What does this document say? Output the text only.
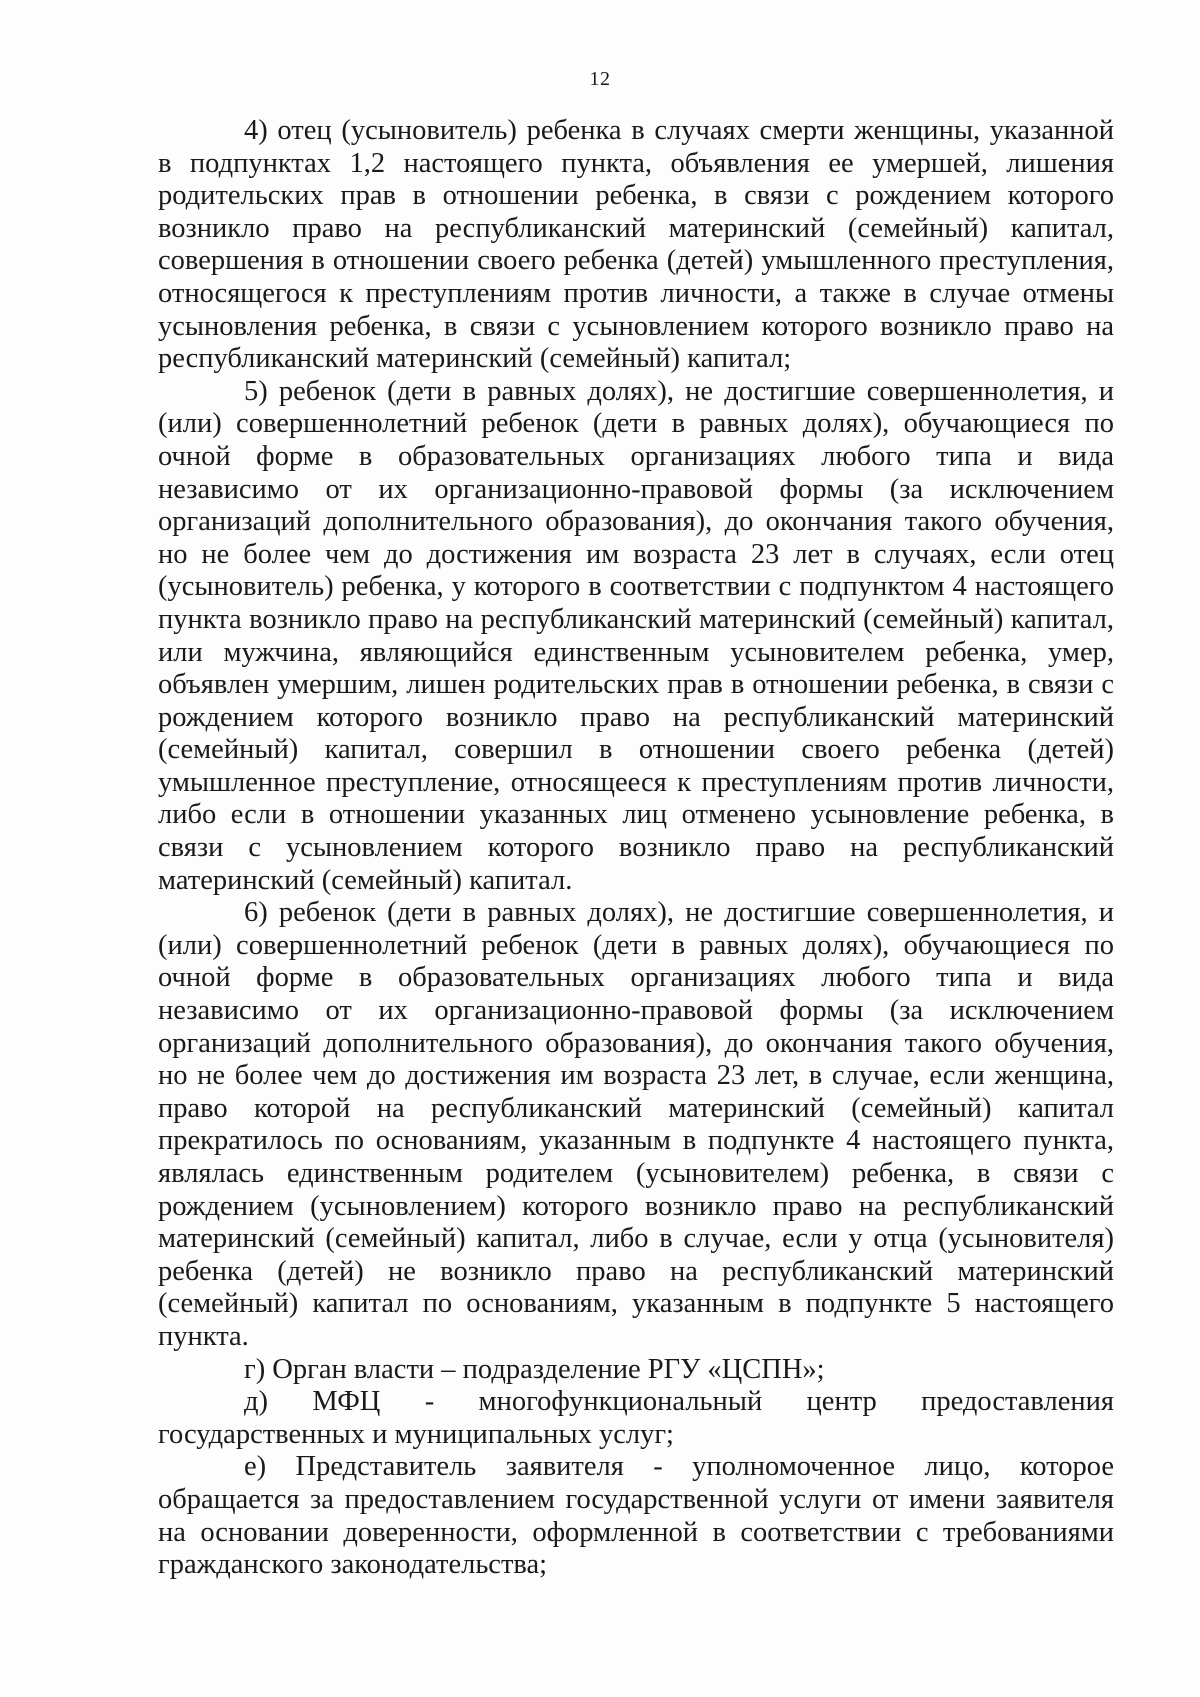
12

4) отец (усыновитель) ребенка в случаях смерти женщины, указанной в подпунктах 1,2 настоящего пункта, объявления ее умершей, лишения родительских прав в отношении ребенка, в связи с рождением которого возникло право на республиканский материнский (семейный) капитал, совершения в отношении своего ребенка (детей) умышленного преступления, относящегося к преступлениям против личности, а также в случае отмены усыновления ребенка, в связи с усыновлением которого возникло право на республиканский материнский (семейный) капитал;

5) ребенок (дети в равных долях), не достигшие совершеннолетия, и (или) совершеннолетний ребенок (дети в равных долях), обучающиеся по очной форме в образовательных организациях любого типа и вида независимо от их организационно-правовой формы (за исключением организаций дополнительного образования), до окончания такого обучения, но не более чем до достижения им возраста 23 лет в случаях, если отец (усыновитель) ребенка, у которого в соответствии с подпунктом 4 настоящего пункта возникло право на республиканский материнский (семейный) капитал, или мужчина, являющийся единственным усыновителем ребенка, умер, объявлен умершим, лишен родительских прав в отношении ребенка, в связи с рождением которого возникло право на республиканский материнский (семейный) капитал, совершил в отношении своего ребенка (детей) умышленное преступление, относящееся к преступлениям против личности, либо если в отношении указанных лиц отменено усыновление ребенка, в связи с усыновлением которого возникло право на республиканский материнский (семейный) капитал.

6) ребенок (дети в равных долях), не достигшие совершеннолетия, и (или) совершеннолетний ребенок (дети в равных долях), обучающиеся по очной форме в образовательных организациях любого типа и вида независимо от их организационно-правовой формы (за исключением организаций дополнительного образования), до окончания такого обучения, но не более чем до достижения им возраста 23 лет, в случае, если женщина, право которой на республиканский материнский (семейный) капитал прекратилось по основаниям, указанным в подпункте 4 настоящего пункта, являлась единственным родителем (усыновителем) ребенка, в связи с рождением (усыновлением) которого возникло право на республиканский материнский (семейный) капитал, либо в случае, если у отца (усыновителя) ребенка (детей) не возникло право на республиканский материнский (семейный) капитал по основаниям, указанным в подпункте 5 настоящего пункта.

г) Орган власти – подразделение РГУ «ЦСПН»;

д) МФЦ - многофункциональный центр предоставления государственных и муниципальных услуг;

е) Представитель заявителя - уполномоченное лицо, которое обращается за предоставлением государственной услуги от имени заявителя на основании доверенности, оформленной в соответствии с требованиями гражданского законодательства;
